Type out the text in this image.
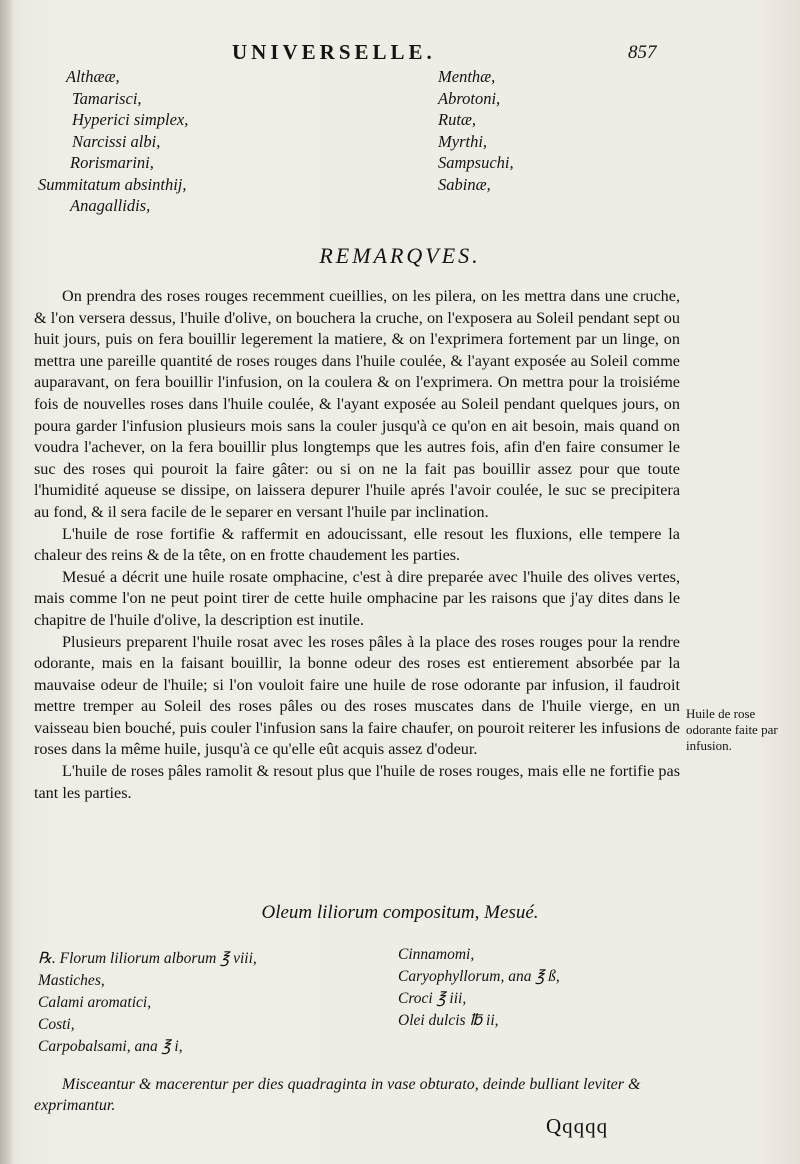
UNIVERSELLE.	857
Althææ,
Tamarisci,
Hyperici simplex,
Narcissi albi,
Rorismarini,
Summitatum absinthij,
Anagallidis,
Menthæ,
Abrotoni,
Rutæ,
Myrthi,
Sampsuchi,
Sabinæ,
REMARQVES.

On prendra des roses rouges recemment cueillies, on les pilera, on les mettra dans une cruche, & l'on versera dessus, l'huile d'olive, on bouchera la cruche, on l'exposera au Soleil pendant sept ou huit jours, puis on fera bouillir legerement la matiere, & on l'exprimera fortement par un linge, on mettra une pareille quantité de roses rouges dans l'huile coulée, & l'ayant exposée au Soleil comme auparavant, on fera bouillir l'infusion, on la coulera & on l'exprimera. On mettra pour la troisiéme fois de nouvelles roses dans l'huile coulée, & l'ayant exposée au Soleil pendant quelques jours, on poura garder l'infusion plusieurs mois sans la couler jusqu'à ce qu'on en ait besoin, mais quand on voudra l'achever, on la fera bouillir plus longtemps que les autres fois, afin d'en faire consumer le suc des roses qui pouroit la faire gâter: ou si on ne la fait pas bouillir assez pour que toute l'humidité aqueuse se dissipe, on laissera depurer l'huile aprés l'avoir coulée, le suc se precipitera au fond, & il sera facile de le separer en versant l'huile par inclination.

L'huile de rose fortifie & raffermit en adoucissant, elle resout les fluxions, elle tempere la chaleur des reins & de la tête, on en frotte chaudement les parties.

Mesué a décrit une huile rosate omphacine, c'est à dire preparée avec l'huile des olives vertes, mais comme l'on ne peut point tirer de cette huile omphacine par les raisons que j'ay dites dans le chapitre de l'huile d'olive, la description est inutile.

Plusieurs preparent l'huile rosat avec les roses pâles à la place des roses rouges pour la rendre odorante, mais en la faisant bouillir, la bonne odeur des roses est entierement absorbée par la mauvaise odeur de l'huile; si l'on vouloit faire une huile de rose odorante par infusion, il faudroit mettre tremper au Soleil des roses pâles ou des roses muscates dans de l'huile vierge, en un vaisseau bien bouché, puis couler l'infusion sans la faire chaufer, on pouroit reiterer les infusions de roses dans la même huile, jusqu'à ce qu'elle eût acquis assez d'odeur.

L'huile de roses pâles ramolit & resout plus que l'huile de roses rouges, mais elle ne fortifie pas tant les parties.

Huile de rose odorante faite par infusion.
Oleum liliorum compositum, Mesué.
℞. Florum liliorum alborum ℥ viii,
Mastiches,
Calami aromatici,
Costi,
Carpobalsami, ana ℥ i,
Cinnamomi,
Caryophyllorum, ana ℥ ß,
Croci ℥ iii,
Olei dulcis ℔ ii,

Misceantur & macerentur per dies quadraginta in vase obturato, deinde bulliant leviter & exprimantur.

Qqqqq
